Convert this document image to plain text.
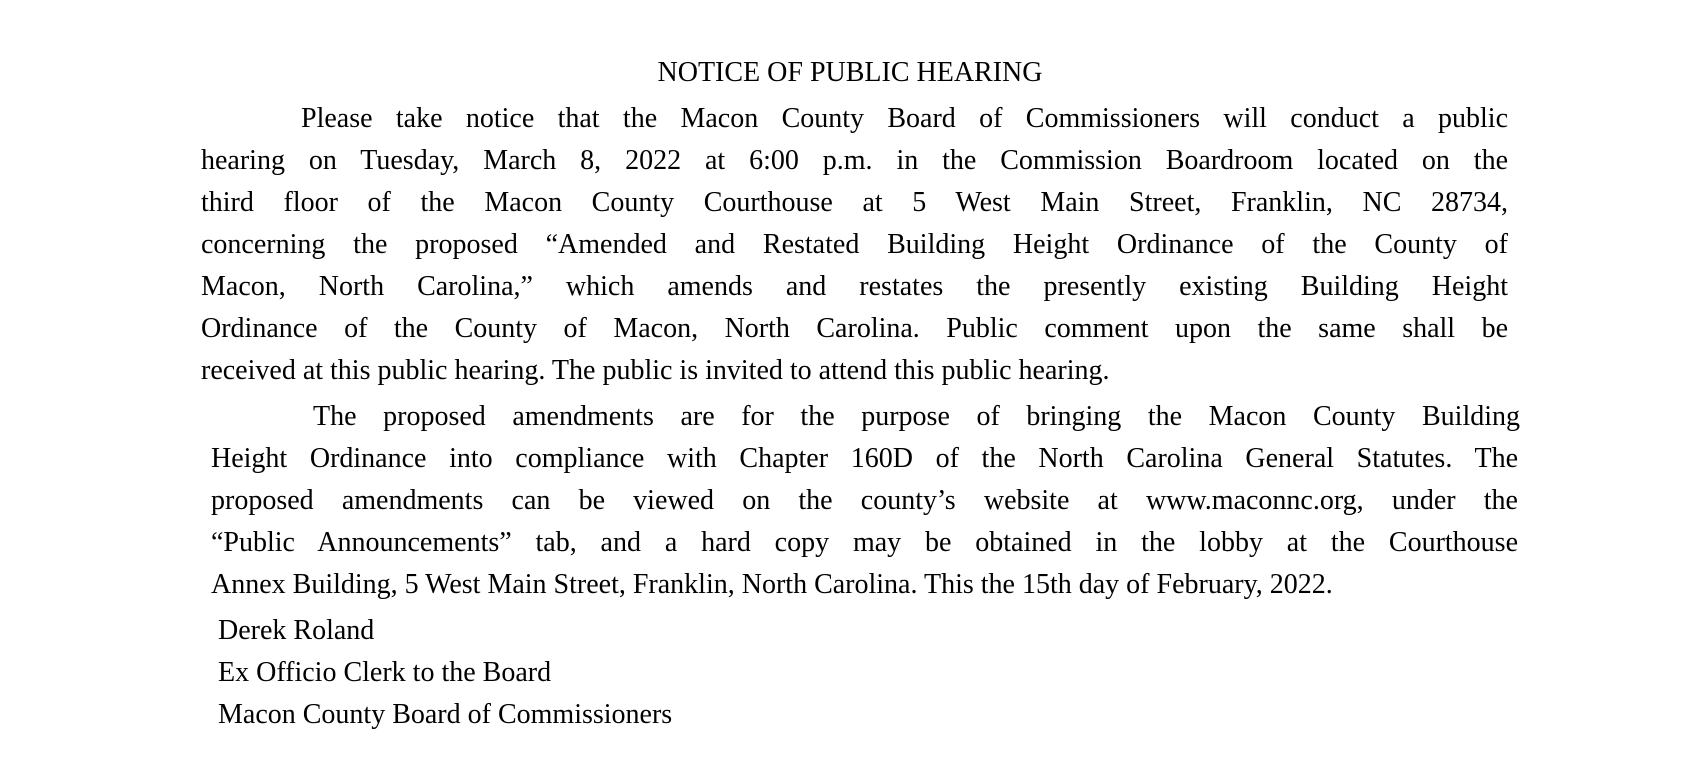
NOTICE OF PUBLIC HEARING
Please take notice that the Macon County Board of Commissioners will conduct a public
hearing on Tuesday, March 8, 2022 at 6:00 p.m. in the Commission Boardroom located on the
third floor of the Macon County Courthouse at 5 West Main Street, Franklin, NC 28734,
concerning the proposed “Amended and Restated Building Height Ordinance of the County of
Macon, North Carolina,” which amends and restates the presently existing Building Height
Ordinance of the County of Macon, North Carolina. Public comment upon the same shall be
received at this public hearing. The public is invited to attend this public hearing.
The proposed amendments are for the purpose of bringing the Macon County Building
Height Ordinance into compliance with Chapter 160D of the North Carolina General Statutes. The
proposed amendments can be viewed on the county’s website at www.maconnc.org, under the
“Public Announcements” tab, and a hard copy may be obtained in the lobby at the Courthouse
Annex Building, 5 West Main Street, Franklin, North Carolina. This the 15th day of February, 2022.
Derek Roland
Ex Officio Clerk to the Board
Macon County Board of Commissioners
